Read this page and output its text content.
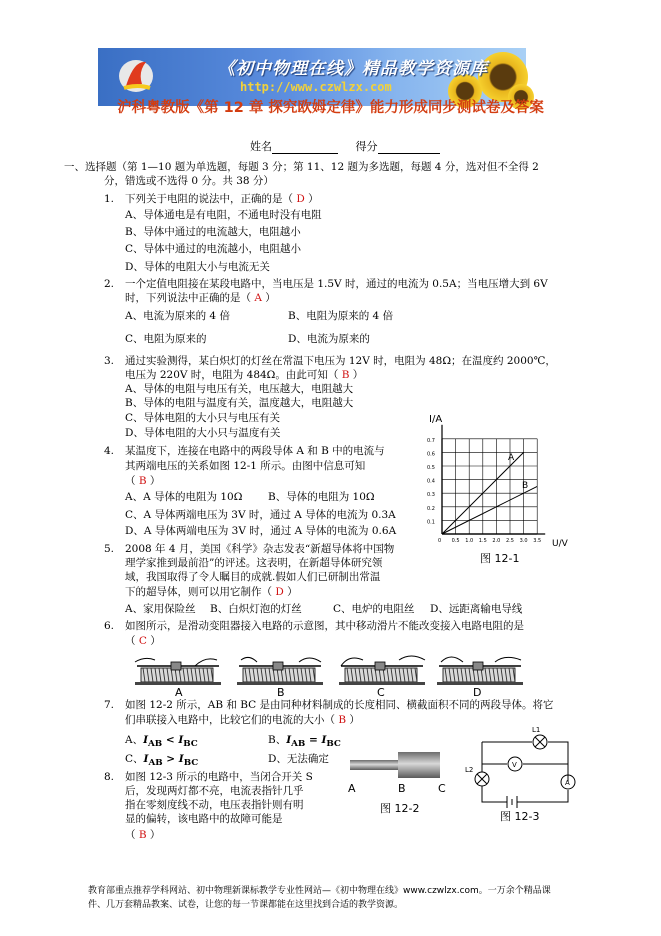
《初中物理在线》精品教学资源库
http://www.czwlzx.com
沪科粤教版《第 12 章 探究欧姆定律》能力形成同步测试卷及答案
姓名	得分
一、选择题（第 1—10 题为单选题，每题 3 分；第 11、12 题为多选题，每题 4 分，选对但不全得 2
分，错选或不选得 0 分。共 38 分）
1. 下列关于电阻的说法中，正确的是（ D ）
A、导体通电是有电阻，不通电时没有电阻
B、导体中通过的电流越大，电阻越小
C、导体中通过的电流越小，电阻越小
D、导体的电阻大小与电流无关
2. 一个定值电阻接在某段电路中，当电压是 1.5V 时，通过的电流为 0.5A；当电压增大到 6V
时，下列说法中正确的是（ A ）
A、电流为原来的 4 倍	B、电阻为原来的 4 倍
C、电阻为原来的	D、电流为原来的
3. 通过实验测得，某白炽灯的灯丝在常温下电压为 12V 时，电阻为 48Ω；在温度约 2000℃，
电压为 220V 时，电阻为 484Ω。由此可知（ B ）
A、导体的电阻与电压有关，电压越大，电阻越大
B、导体的电阻与温度有关，温度越大，电阻越大
C、导体电阻的大小只与电压有关
D、导体电阻的大小只与温度有关
4. 某温度下，连接在电路中的两段导体 A 和 B 中的电流与
其两端电压的关系如图 12-1 所示。由图中信息可知
（ B ）
A、A 导体的电阻为 10Ω B、导体的电阻为 10Ω
C、A 导体两端电压为 3V 时，通过 A 导体的电流为 0.3A
D、A 导体两端电压为 3V 时，通过 A 导体的电流为 0.6A
0.7
0.6
0.5
0.4
0.3
0.2
0.1
0 0.5 1.0 1.5 2.0 2.5 3.0 3.5
I/A
U/V
A
B
图 12-1
5. 2008 年 4 月，美国《科学》杂志发表“新超导体将中国物
理学家推到最前沿”的评述。这表明，在新超导体研究领
域，我国取得了令人瞩目的成就.假如人们已研制出常温
下的超导体，则可以用它制作（ D ）
A、家用保险丝 B、白炽灯泡的灯丝	C、电炉的电阻丝 D、远距离输电导线
6. 如图所示，是滑动变阻器接入电路的示意图，其中移动滑片不能改变接入电路电阻的是
（ C ）
A	B	C	D
7. 如图 12-2 所示，AB 和 BC 是由同种材料制成的长度相同、横截面积不同的两段导体。将它
们串联接入电路中，比较它们的电流的大小（ B ）
A、$I_{AB} < I_{BC}$	B、$I_{AB} = I_{BC}$
C、$I_{AB} > I_{BC}$	D、无法确定
8. 如图 12-3 所示的电路中，当闭合开关 S
后，发现两灯都不亮，电流表指针几乎
指在零刻度线不动，电压表指针则有明
显的偏转，该电路中的故障可能是
（ B ）
A	B	C
图 12-2
L1
L2
V
A
图 12-3
教育部重点推荐学科网站、初中物理新课标教学专业性网站—《初中物理在线》www.czwlzx.com。一万余个精品课
件、几万套精品教案、试卷，让您的每一节课都能在这里找到合适的教学资源。
